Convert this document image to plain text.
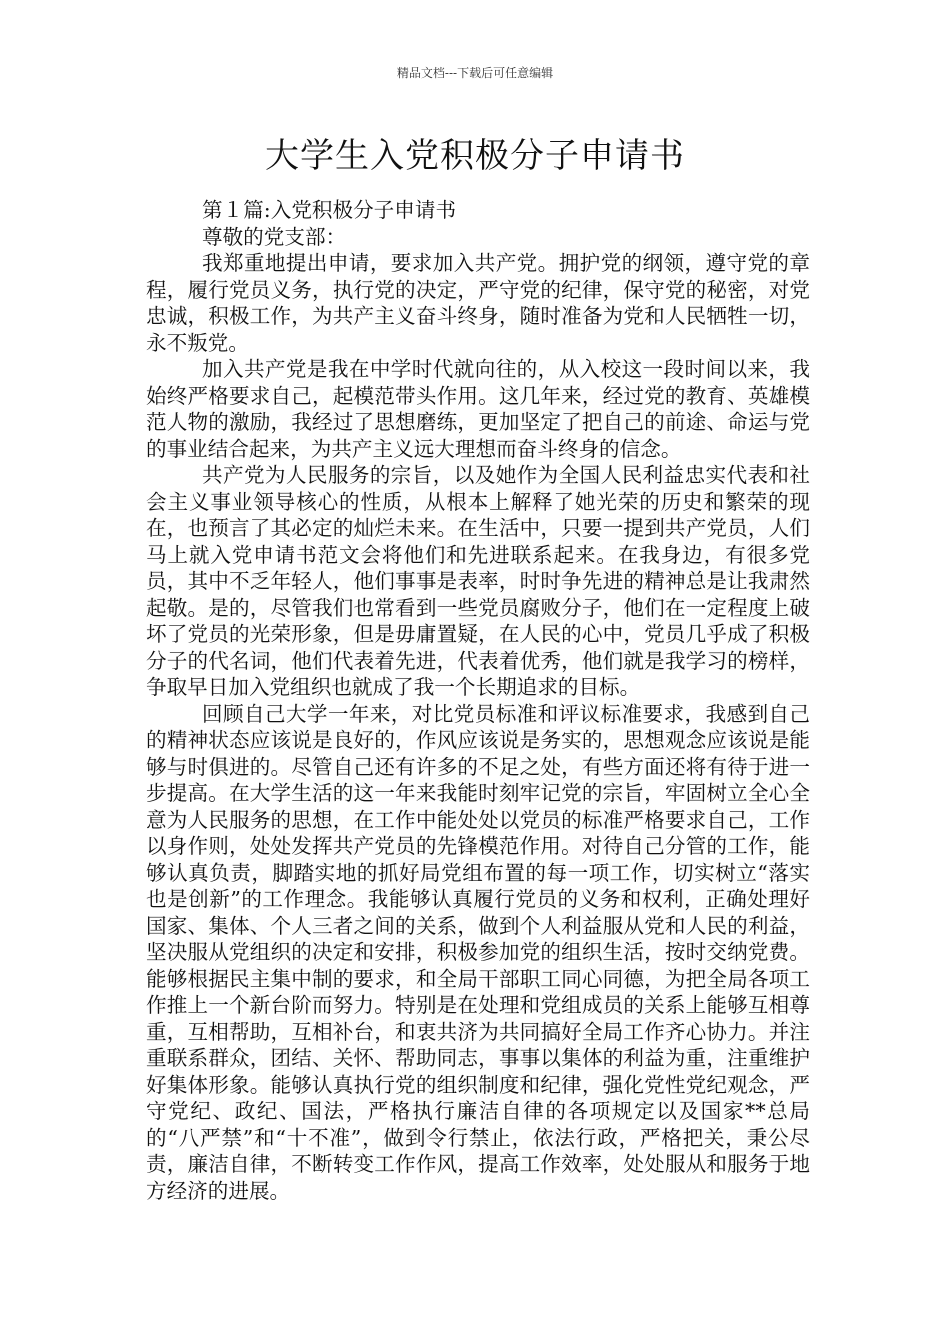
精品文档---下载后可任意编辑
大学生入党积极分子申请书

第１篇:入党积极分子申请书

尊敬的党支部：

我郑重地提出申请，要求加入共产党。拥护党的纲领，遵守党的章程，履行党员义务，执行党的决定，严守党的纪律，保守党的秘密，对党忠诚，积极工作，为共产主义奋斗终身，随时准备为党和人民牺牲一切，永不叛党。

加入共产党是我在中学时代就向往的，从入校这一段时间以来，我始终严格要求自己，起模范带头作用。这几年来，经过党的教育、英雄模范人物的激励，我经过了思想磨练，更加坚定了把自己的前途、命运与党的事业结合起来，为共产主义远大理想而奋斗终身的信念。

共产党为人民服务的宗旨，以及她作为全国人民利益忠实代表和社会主义事业领导核心的性质，从根本上解释了她光荣的历史和繁荣的现在，也预言了其必定的灿烂未来。在生活中，只要一提到共产党员，人们马上就入党申请书范文会将他们和先进联系起来。在我身边，有很多党员，其中不乏年轻人，他们事事是表率，时时争先进的精神总是让我肃然起敬。是的，尽管我们也常看到一些党员腐败分子，他们在一定程度上破坏了党员的光荣形象，但是毋庸置疑，在人民的心中，党员几乎成了积极分子的代名词，他们代表着先进，代表着优秀，他们就是我学习的榜样，争取早日加入党组织也就成了我一个长期追求的目标。

回顾自己大学一年来，对比党员标准和评议标准要求，我感到自己的精神状态应该说是良好的，作风应该说是务实的，思想观念应该说是能够与时俱进的。尽管自己还有许多的不足之处，有些方面还将有待于进一步提高。在大学生活的这一年来我能时刻牢记党的宗旨，牢固树立全心全意为人民服务的思想，在工作中能处处以党员的标准严格要求自己，工作以身作则，处处发挥共产党员的先锋模范作用。对待自己分管的工作，能够认真负责，脚踏实地的抓好局党组布置的每一项工作，切实树立“落实也是创新”的工作理念。我能够认真履行党员的义务和权利，正确处理好国家、集体、个人三者之间的关系，做到个人利益服从党和人民的利益，坚决服从党组织的决定和安排，积极参加党的组织生活，按时交纳党费。能够根据民主集中制的要求，和全局干部职工同心同德，为把全局各项工作推上一个新台阶而努力。特别是在处理和党组成员的关系上能够互相尊重，互相帮助，互相补台，和衷共济为共同搞好全局工作齐心协力。并注重联系群众，团结、关怀、帮助同志，事事以集体的利益为重，注重维护好集体形象。能够认真执行党的组织制度和纪律，强化党性党纪观念，严守党纪、政纪、国法，严格执行廉洁自律的各项规定以及国家**总局的“八严禁”和“十不准”，做到令行禁止，依法行政，严格把关，秉公尽责，廉洁自律，不断转变工作作风，提高工作效率，处处服从和服务于地方经济的进展。
